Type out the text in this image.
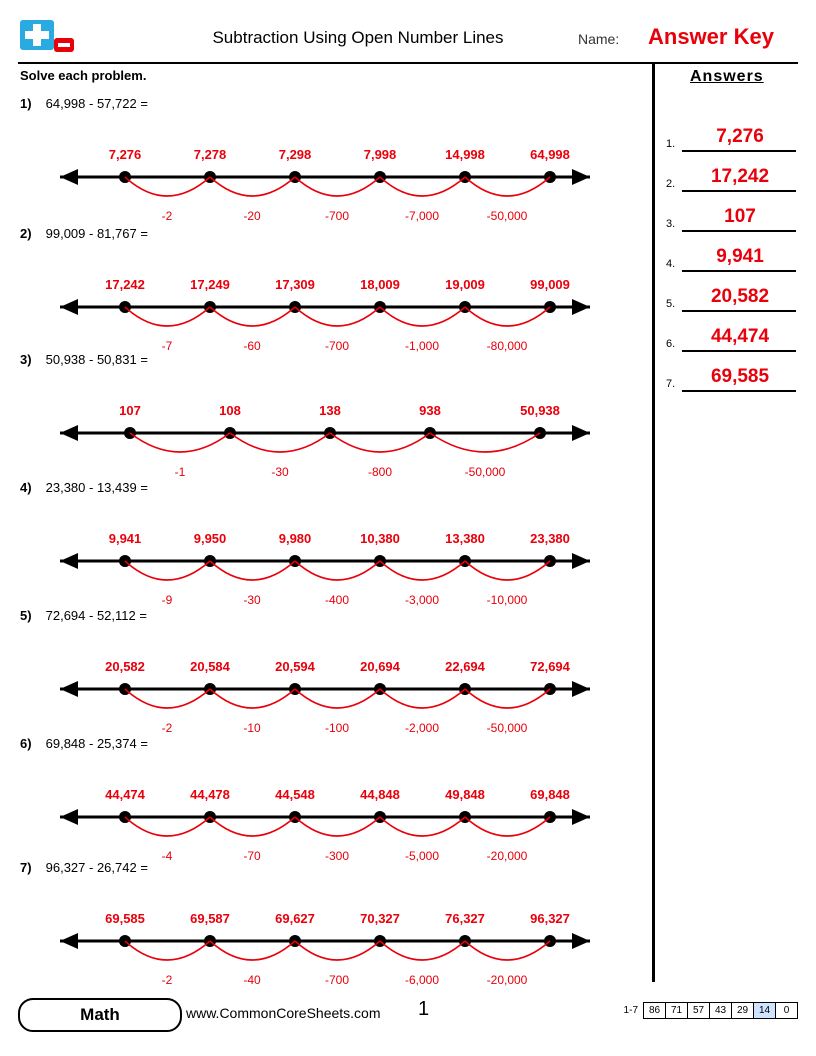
Subtraction Using Open Number Lines	Name: Answer Key
Solve each problem.	Answers
1.	7,276
2.	17,242
3.	107
4.	9,941
5.	20,582
6.	44,474
7.	69,585
1) 64,998 - 57,722 =
7,276	7,278	7,298	7,998	14,998	64,998
-2	-20	-700	-7,000	-50,000
2) 99,009 - 81,767 =
17,242	17,249	17,309	18,009	19,009	99,009
-7	-60	-700	-1,000	-80,000
3) 50,938 - 50,831 =
107	108	138	938	50,938
-1	-30	-800	-50,000
4) 23,380 - 13,439 =
9,941	9,950	9,980	10,380	13,380	23,380
-9	-30	-400	-3,000	-10,000
5) 72,694 - 52,112 =
20,582	20,584	20,594	20,694	22,694	72,694
-2	-10	-100	-2,000	-50,000
6) 69,848 - 25,374 =
44,474	44,478	44,548	44,848	49,848	69,848
-4	-70	-300	-5,000	-20,000
7) 96,327 - 26,742 =
69,585	69,587	69,627	70,327	76,327	96,327
-2	-40	-700	-6,000	-20,000
Math	www.CommonCoreSheets.com 1	1-7	86	71	57	43	29	14	0
